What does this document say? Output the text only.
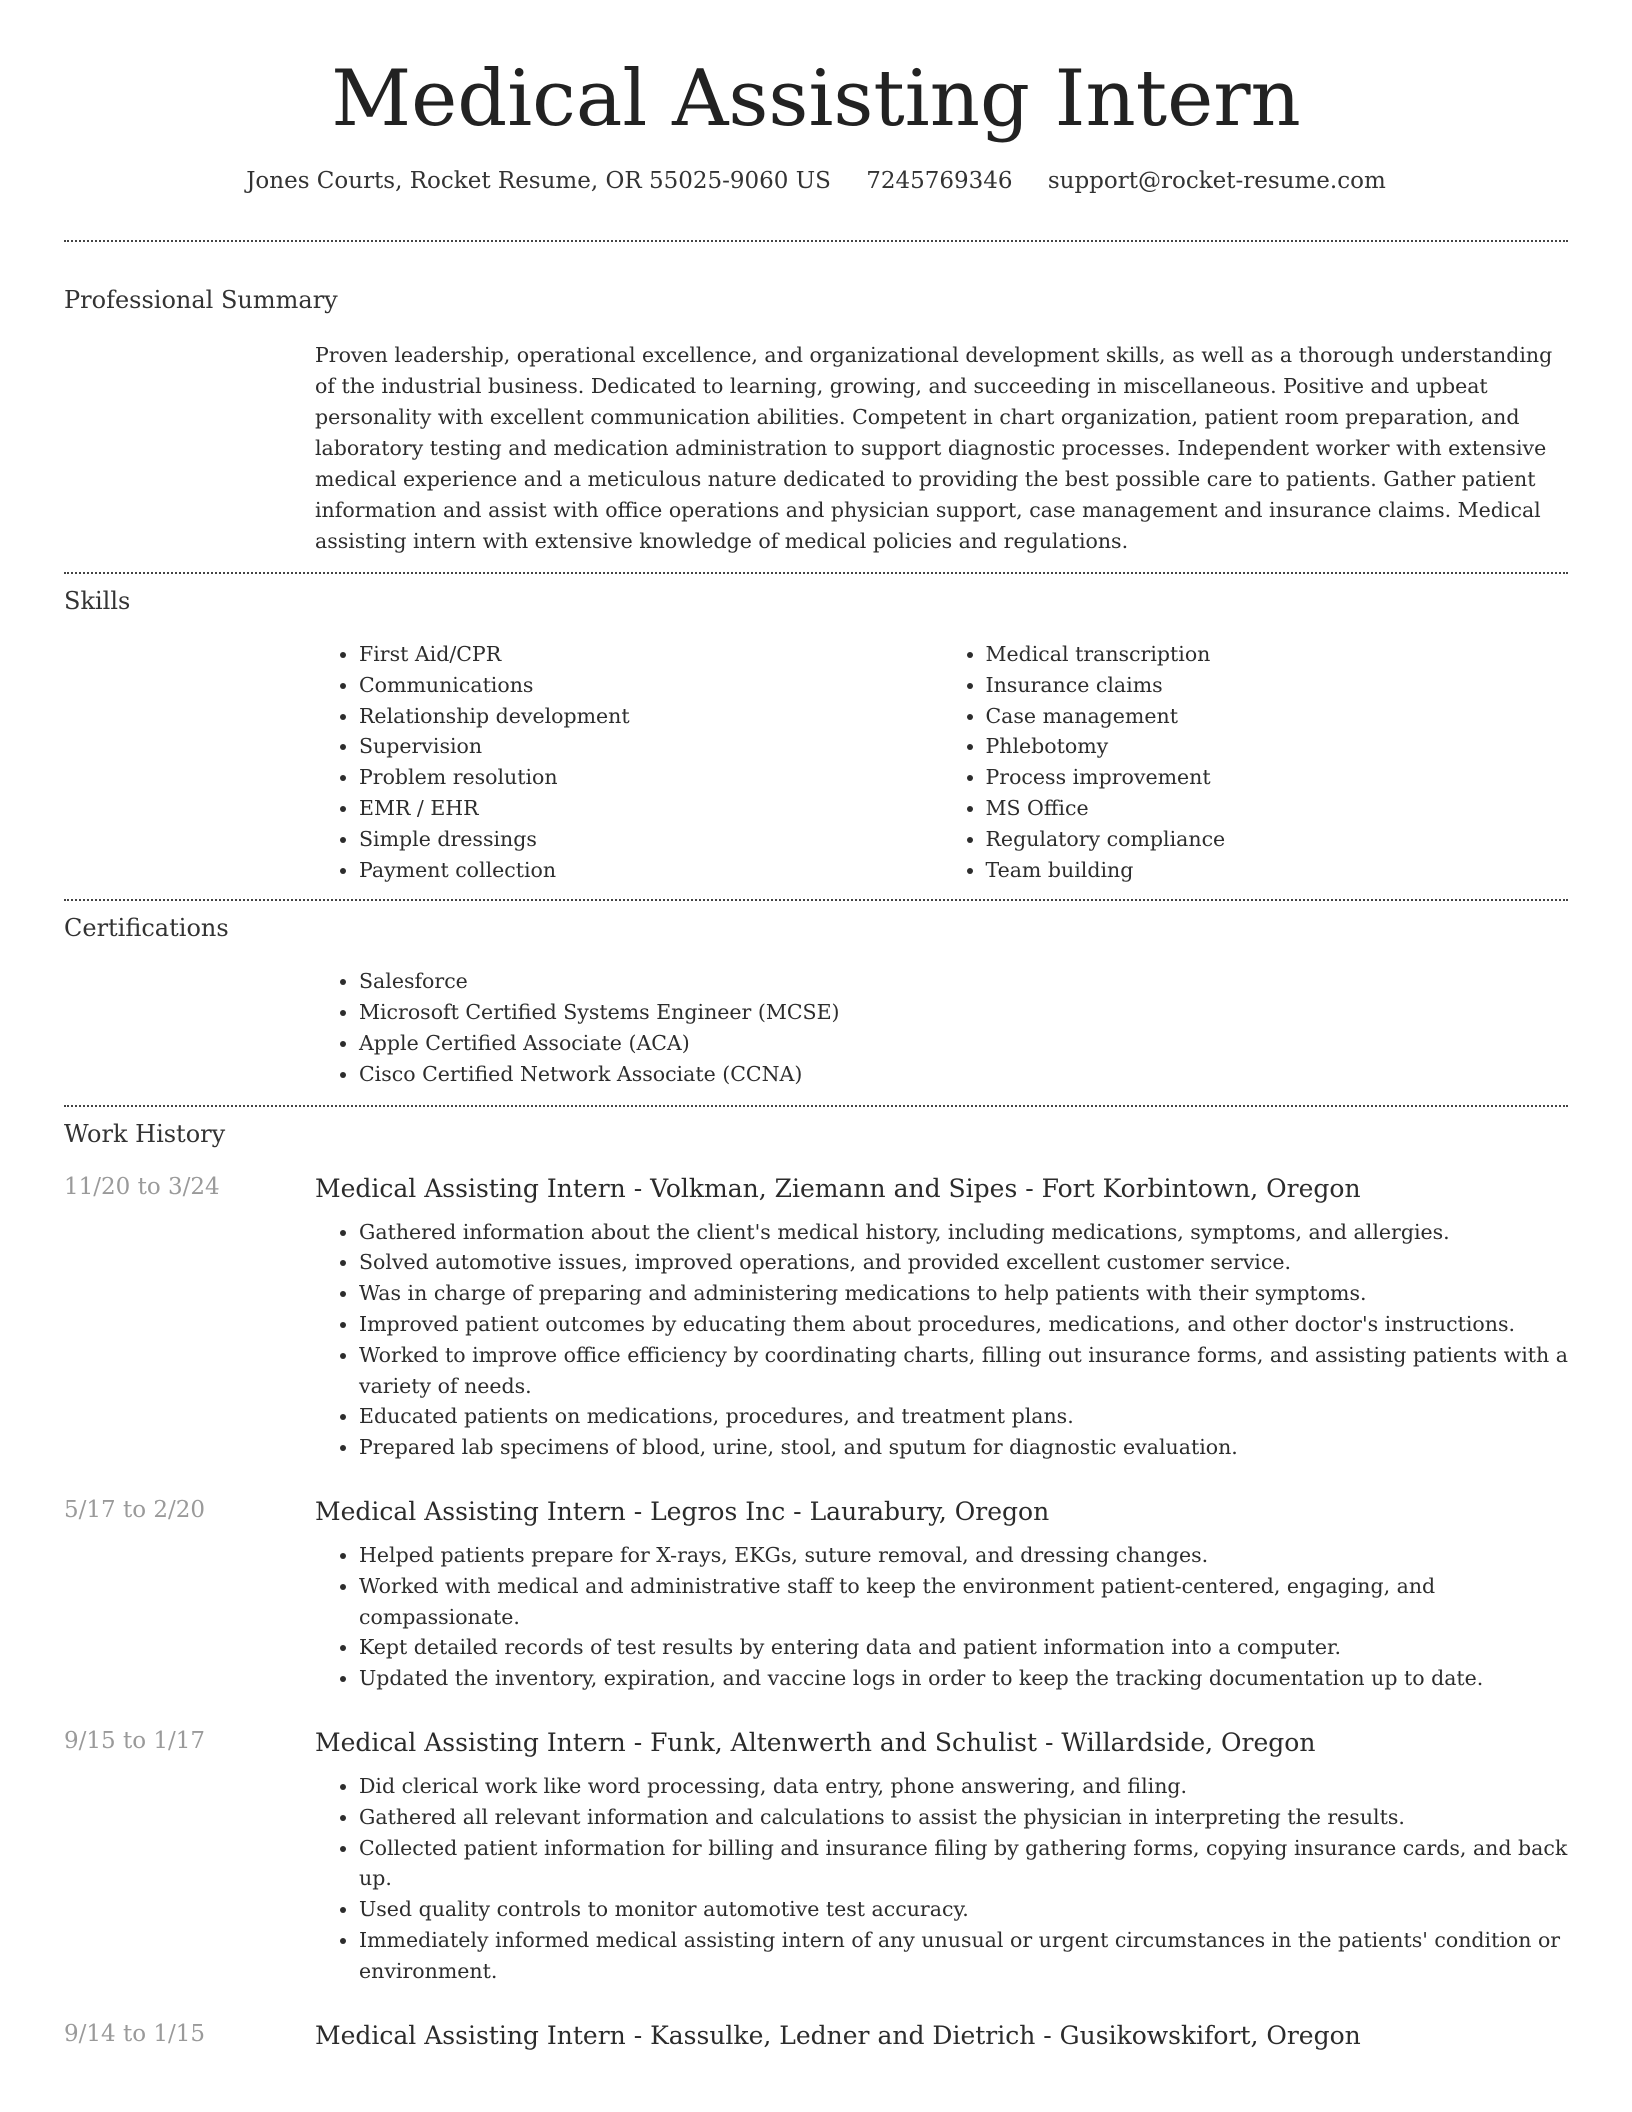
Medical Assisting Intern
Jones Courts, Rocket Resume, OR 55025-9060 US 7245769346 support@rocket-resume.com
Professional Summary

Proven leadership, operational excellence, and organizational development skills, as well as a thorough understanding of the industrial business. Dedicated to learning, growing, and succeeding in miscellaneous. Positive and upbeat personality with excellent communication abilities. Competent in chart organization, patient room preparation, and laboratory testing and medication administration to support diagnostic processes. Independent worker with extensive medical experience and a meticulous nature dedicated to providing the best possible care to patients. Gather patient information and assist with office operations and physician support, case management and insurance claims. Medical assisting intern with extensive knowledge of medical policies and regulations.

Skills
• First Aid/CPR
• Communications
• Relationship development
• Supervision
• Problem resolution
• EMR / EHR
• Simple dressings
• Payment collection
• Medical transcription
• Insurance claims
• Case management
• Phlebotomy
• Process improvement
• MS Office
• Regulatory compliance
• Team building
Certifications
• Salesforce
• Microsoft Certified Systems Engineer (MCSE)
• Apple Certified Associate (ACA)
• Cisco Certified Network Associate (CCNA)
Work History
11/20 to 3/24	Medical Assisting Intern - Volkman, Ziemann and Sipes - Fort Korbintown, Oregon
• Gathered information about the client's medical history, including medications, symptoms, and allergies.
• Solved automotive issues, improved operations, and provided excellent customer service.
• Was in charge of preparing and administering medications to help patients with their symptoms.
• Improved patient outcomes by educating them about procedures, medications, and other doctor's instructions.
• Worked to improve office efficiency by coordinating charts, filling out insurance forms, and assisting patients with a variety of needs.
• Educated patients on medications, procedures, and treatment plans.
• Prepared lab specimens of blood, urine, stool, and sputum for diagnostic evaluation.
5/17 to 2/20	Medical Assisting Intern - Legros Inc - Laurabury, Oregon
• Helped patients prepare for X-rays, EKGs, suture removal, and dressing changes.
• Worked with medical and administrative staff to keep the environment patient-centered, engaging, and compassionate.
• Kept detailed records of test results by entering data and patient information into a computer.
• Updated the inventory, expiration, and vaccine logs in order to keep the tracking documentation up to date.
9/15 to 1/17	Medical Assisting Intern - Funk, Altenwerth and Schulist - Willardside, Oregon
• Did clerical work like word processing, data entry, phone answering, and filing.
• Gathered all relevant information and calculations to assist the physician in interpreting the results.
• Collected patient information for billing and insurance filing by gathering forms, copying insurance cards, and back up.
• Used quality controls to monitor automotive test accuracy.
• Immediately informed medical assisting intern of any unusual or urgent circumstances in the patients' condition or environment.
9/14 to 1/15	Medical Assisting Intern - Kassulke, Ledner and Dietrich - Gusikowskifort, Oregon
